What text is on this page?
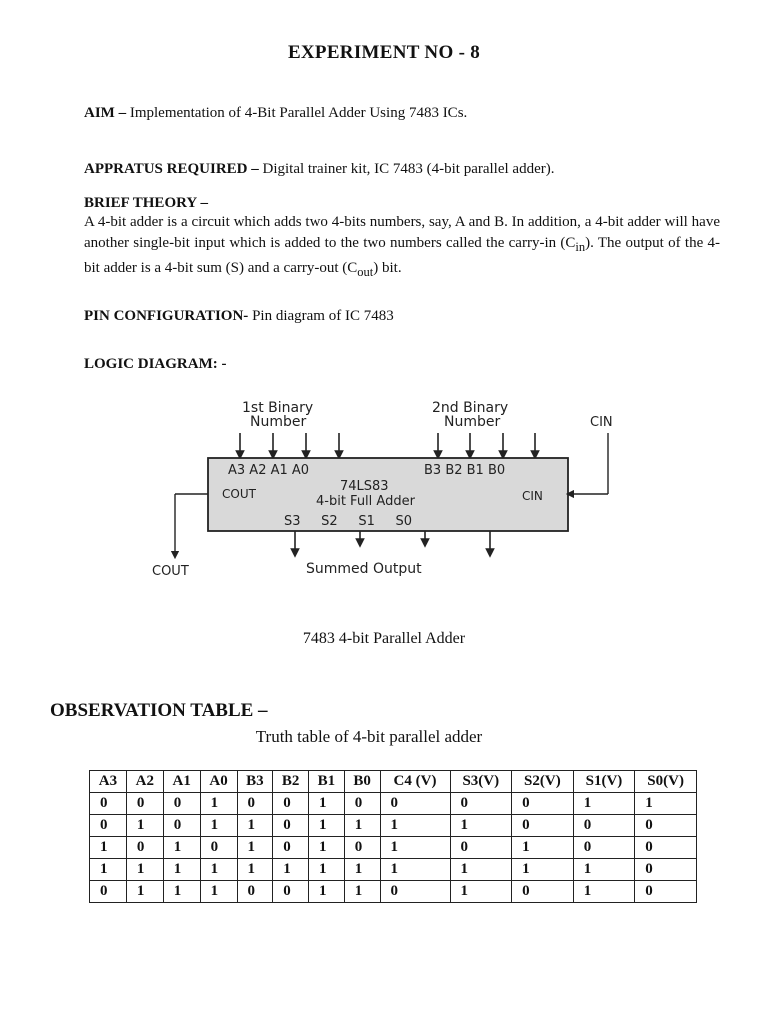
EXPERIMENT NO - 8
AIM – Implementation of 4-Bit Parallel Adder Using 7483 ICs.
APPRATUS REQUIRED – Digital trainer kit, IC 7483 (4-bit parallel adder).
BRIEF THEORY –
A 4-bit adder is a circuit which adds two 4-bits numbers, say, A and B. In addition, a 4-bit adder will have another single-bit input which is added to the two numbers called the carry-in $(C_{in})$. The output of the 4-bit adder is a 4-bit sum (S) and a carry-out $(C_{out})$ bit.
PIN CONFIGURATION- Pin diagram of IC 7483
LOGIC DIAGRAM: -
1st Binary
Number
2nd Binary
Number	CIN
A3 A2 A1 A0	B3 B2 B1 B0
74LS83
4-bit Full Adder
COUT	CIN
S3     S2     S1     S0
COUT	Summed Output
7483 4-bit Parallel Adder
OBSERVATION TABLE –
Truth table of 4-bit parallel adder
A3	A2	A1	A0	B3	B2	B1	B0	C4 (V)	S3(V)	S2(V)	S1(V)	S0(V)
0	0	0	1	0	0	1	0	0	0	0	1	1
0	1	0	1	1	0	1	1	1	1	0	0	0
1	0	1	0	1	0	1	0	1	0	1	0	0
1	1	1	1	1	1	1	1	1	1	1	1	0
0	1	1	1	0	0	1	1	0	1	0	1	0
